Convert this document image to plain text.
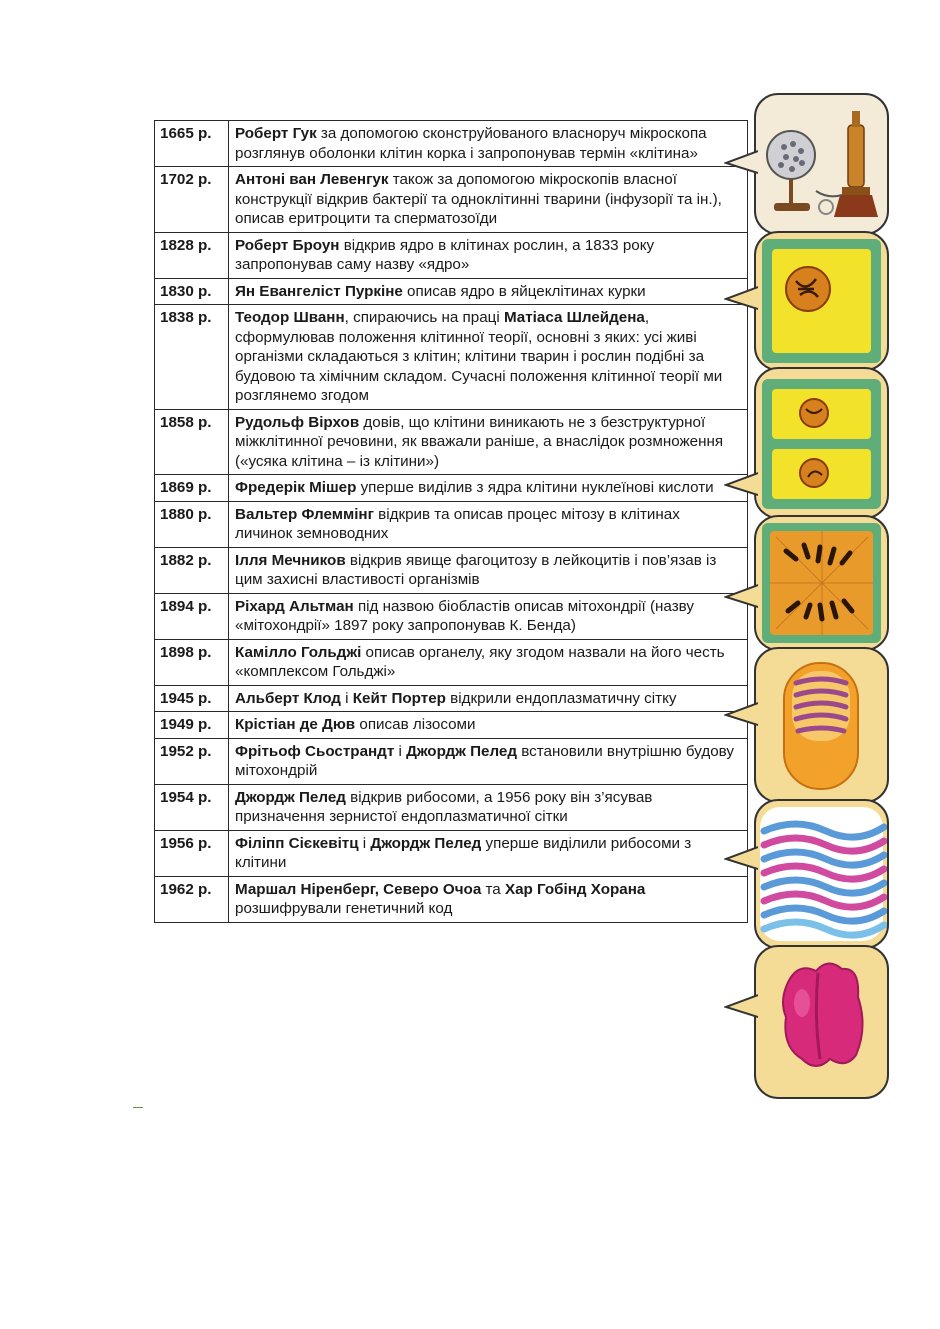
1665 р.	Роберт Гук за допомогою сконструйованого власноруч мікроскопа розглянув оболонки клітин корка і запропонував термін «клітина»
1702 р.	Антоні ван Левенгук також за допомогою мікроскопів власної конструкції відкрив бактерії та одноклітинні тварини (інфузорії та ін.), описав еритроцити та сперматозоїди
1828 р.	Роберт Броун відкрив ядро в клітинах рослин, а 1833 року запропонував саму назву «ядро»
1830 р.	Ян Евангеліст Пуркіне описав ядро в яйцеклітинах курки
1838 р.	Теодор Шванн, спираючись на праці Матіаса Шлейдена, сформулював положення клітинної теорії, основні з яких: усі живі організми складаються з клітин; клітини тварин і рослин подібні за будовою та хімічним складом. Сучасні положення клітинної теорії ми розглянемо згодом
1858 р.	Рудольф Вірхов довів, що клітини виникають не з безструктурної міжклітинної речовини, як вважали раніше, а внаслідок розмноження («усяка клітина – із клітини»)
1869 р.	Фредерік Мішер уперше виділив з ядра клітини нуклеїнові кислоти
1880 р.	Вальтер Флеммінг відкрив та описав процес мітозу в клітинах личинок земноводних
1882 р.	Ілля Мечников відкрив явище фагоцитозу в лейкоцитів і пов’язав із цим захисні властивості організмів
1894 р.	Ріхард Альтман під назвою біобластів описав мітохондрії (назву «мітохондрії» 1897 року запропонував К. Бенда)
1898 р.	Камілло Гольджі описав органелу, яку згодом назвали на його честь «комплексом Гольджі»
1945 р.	Альберт Клод і Кейт Портер відкрили ендоплазматичну сітку
1949 р.	Крістіан де Дюв описав лізосоми
1952 р.	Фрітьоф Сьострандт і Джордж Пелед встановили внутрішню будову мітохондрій
1954 р.	Джордж Пелед відкрив рибосоми, а 1956 року він з’ясував призначення зернистої ендоплазматичної сітки
1956 р.	Філіпп Сієкевітц і Джордж Пелед уперше виділили рибосоми з клітини
1962 р.	Маршал Ніренберг, Северо Очоа та Хар Гобінд Хорана розшифрували генетичний код
